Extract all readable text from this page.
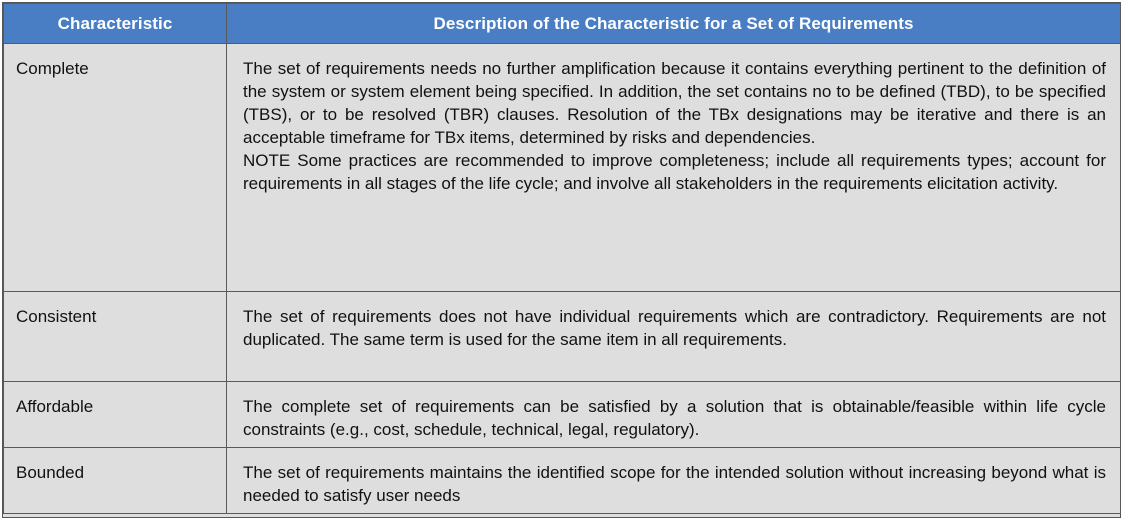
Characteristic	Description of the Characteristic for a Set of Requirements
Complete	The set of requirements needs no further amplification because it contains everything pertinent to the definition of the system or system element being specified. In addition, the set contains no to be defined (TBD), to be specified (TBS), or to be resolved (TBR) clauses. Resolution of the TBx designations may be iterative and there is an acceptable timeframe for TBx items, determined by risks and dependencies.
NOTE Some practices are recommended to improve completeness; include all requirements types; account for requirements in all stages of the life cycle; and involve all stakeholders in the requirements elicitation activity.

Consistent	The set of requirements does not have individual requirements which are contradictory. Requirements are not duplicated. The same term is used for the same item in all requirements.
Affordable	The complete set of requirements can be satisfied by a solution that is obtainable/feasible within life cycle constraints (e.g., cost, schedule, technical, legal, regulatory).
Bounded	The set of requirements maintains the identified scope for the intended solution without increasing beyond what is needed to satisfy user needs
